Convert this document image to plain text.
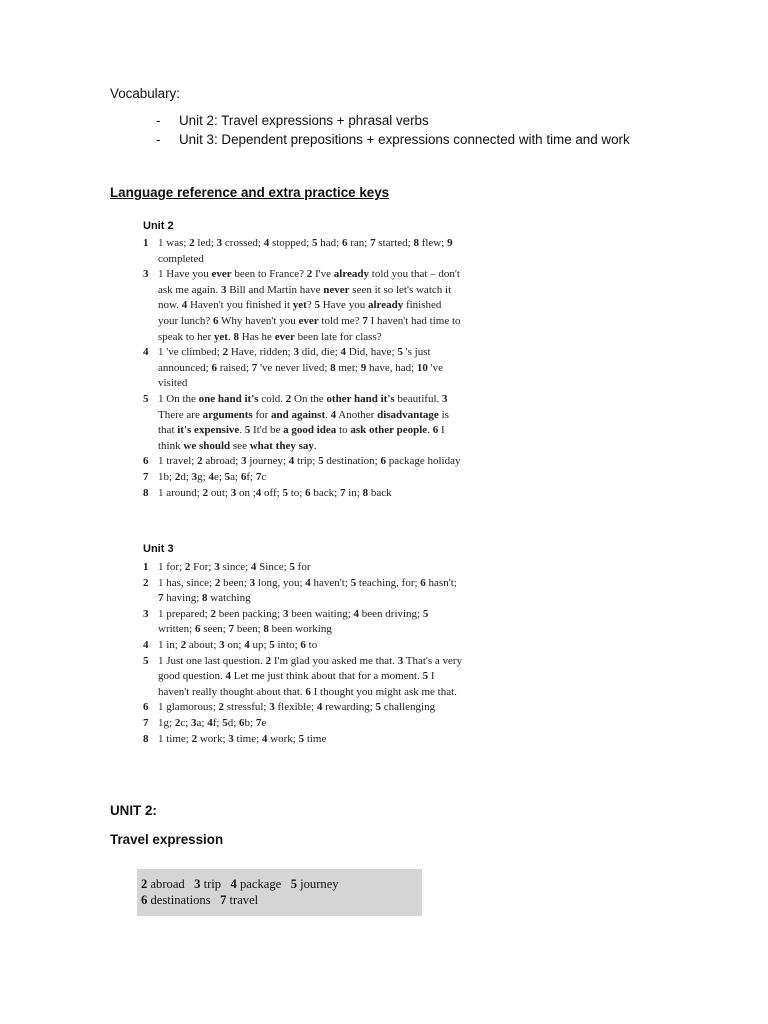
Vocabulary:
-	Unit 2: Travel expressions + phrasal verbs
-	Unit 3: Dependent prepositions + expressions connected with time and work
Language reference and extra practice keys
Unit 2
1 1 was; 2 led; 3 crossed; 4 stopped; 5 had; 6 ran; 7 started; 8 flew; 9 completed
3 1 Have you ever been to France? 2 I've already told you that – don't ask me again. 3 Bill and Martin have never seen it so let's watch it now. 4 Haven't you finished it yet? 5 Have you already finished your lunch? 6 Why haven't you ever told me? 7 I haven't had time to speak to her yet. 8 Has he ever been late for class?
4 1 've climbed; 2 Have, ridden; 3 did, die; 4 Did, have; 5 's just announced; 6 raised; 7 've never lived; 8 met; 9 have, had; 10 've visited
5 1 On the one hand it's cold. 2 On the other hand it's beautiful. 3 There are arguments for and against. 4 Another disadvantage is that it's expensive. 5 It'd be a good idea to ask other people. 6 I think we should see what they say.
6 1 travel; 2 abroad; 3 journey; 4 trip; 5 destination; 6 package holiday
7 1b; 2d; 3g; 4e; 5a; 6f; 7c
8 1 around; 2 out; 3 on ;4 off; 5 to; 6 back; 7 in; 8 back
Unit 3
1 1 for; 2 For; 3 since; 4 Since; 5 for
2 1 has, since; 2 been; 3 long, you; 4 haven't; 5 teaching, for; 6 hasn't; 7 having; 8 watching
3 1 prepared; 2 been packing; 3 been waiting; 4 been driving; 5 written; 6 seen; 7 been; 8 been working
4 1 in; 2 about; 3 on; 4 up; 5 into; 6 to
5 1 Just one last question. 2 I'm glad you asked me that. 3 That's a very good question. 4 Let me just think about that for a moment. 5 I haven't really thought about that. 6 I thought you might ask me that.
6 1 glamorous; 2 stressful; 3 flexible; 4 rewarding; 5 challenging
7 1g; 2c; 3a; 4f; 5d; 6b; 7e
8 1 time; 2 work; 3 time; 4 work; 5 time
UNIT 2:
Travel expression
2 abroad   3 trip   4 package   5 journey
6 destinations   7 travel
